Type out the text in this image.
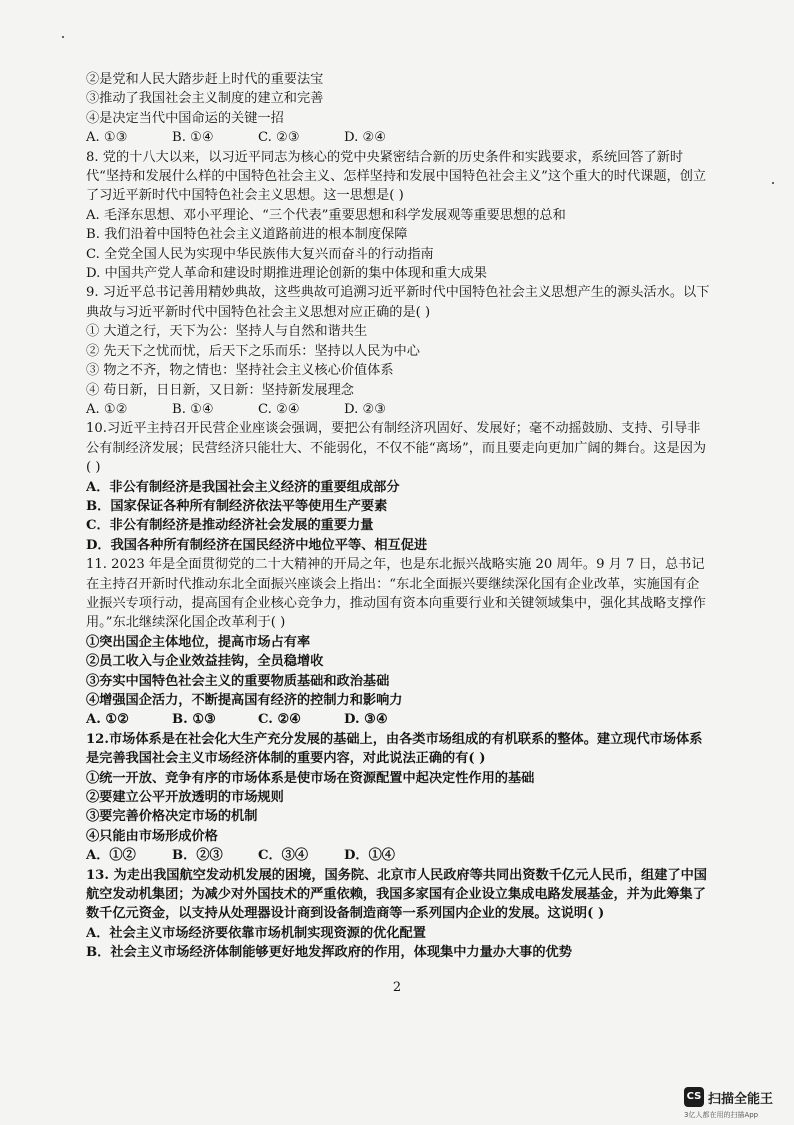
②是党和人民大踏步赶上时代的重要法宝
③推动了我国社会主义制度的建立和完善
④是决定当代中国命运的关键一招
A. ①③	B. ①④	C. ②③	D. ②④
8. 党的十八大以来，以习近平同志为核心的党中央紧密结合新的历史条件和实践要求，系统回答了新时代“坚持和发展什么样的中国特色社会主义、怎样坚持和发展中国特色社会主义”这个重大的时代课题，创立了习近平新时代中国特色社会主义思想。这一思想是( )
A. 毛泽东思想、邓小平理论、“三个代表”重要思想和科学发展观等重要思想的总和
B. 我们沿着中国特色社会主义道路前进的根本制度保障
C. 全党全国人民为实现中华民族伟大复兴而奋斗的行动指南
D. 中国共产党人革命和建设时期推进理论创新的集中体现和重大成果
9. 习近平总书记善用精妙典故，这些典故可追溯习近平新时代中国特色社会主义思想产生的源头活水。以下典故与习近平新时代中国特色社会主义思想对应正确的是( )
① 大道之行，天下为公：坚持人与自然和谐共生
② 先天下之忧而忧，后天下之乐而乐：坚持以人民为中心
③ 物之不齐，物之情也：坚持社会主义核心价值体系
④ 苟日新，日日新，又日新：坚持新发展理念
A. ①②	B. ①④	C. ②④	D. ②③
10.习近平主持召开民营企业座谈会强调，要把公有制经济巩固好、发展好；毫不动摇鼓励、支持、引导非公有制经济发展；民营经济只能壮大、不能弱化，不仅不能“离场”，而且要走向更加广阔的舞台。这是因为( )
A．非公有制经济是我国社会主义经济的重要组成部分
B．国家保证各种所有制经济依法平等使用生产要素
C．非公有制经济是推动经济社会发展的重要力量
D．我国各种所有制经济在国民经济中地位平等、相互促进
11. 2023 年是全面贯彻党的二十大精神的开局之年，也是东北振兴战略实施 20 周年。9 月 7 日，总书记在主持召开新时代推动东北全面振兴座谈会上指出：“东北全面振兴要继续深化国有企业改革，实施国有企业振兴专项行动，提高国有企业核心竞争力，推动国有资本向重要行业和关键领域集中，强化其战略支撑作用。”东北继续深化国企改革利于( )
①突出国企主体地位，提高市场占有率
②员工收入与企业效益挂钩，全员稳增收
③夯实中国特色社会主义的重要物质基础和政治基础
④增强国企活力，不断提高国有经济的控制力和影响力
A. ①②	B. ①③	C. ②④	D. ③④
12.市场体系是在社会化大生产充分发展的基础上，由各类市场组成的有机联系的整体。建立现代市场体系是完善我国社会主义市场经济体制的重要内容，对此说法正确的有( )
①统一开放、竞争有序的市场体系是使市场在资源配置中起决定性作用的基础
②要建立公平开放透明的市场规则
③要完善价格决定市场的机制
④只能由市场形成价格
A．①②	B．②③	C．③④	D．①④
13. 为走出我国航空发动机发展的困境，国务院、北京市人民政府等共同出资数千亿元人民币，组建了中国航空发动机集团；为减少对外国技术的严重依赖，我国多家国有企业设立集成电路发展基金，并为此筹集了数千亿元资金，以支持从处理器设计商到设备制造商等一系列国内企业的发展。这说明( )
A．社会主义市场经济要依靠市场机制实现资源的优化配置
B．社会主义市场经济体制能够更好地发挥政府的作用，体现集中力量办大事的优势
2
CS 扫描全能王
3亿人都在用的扫描App
